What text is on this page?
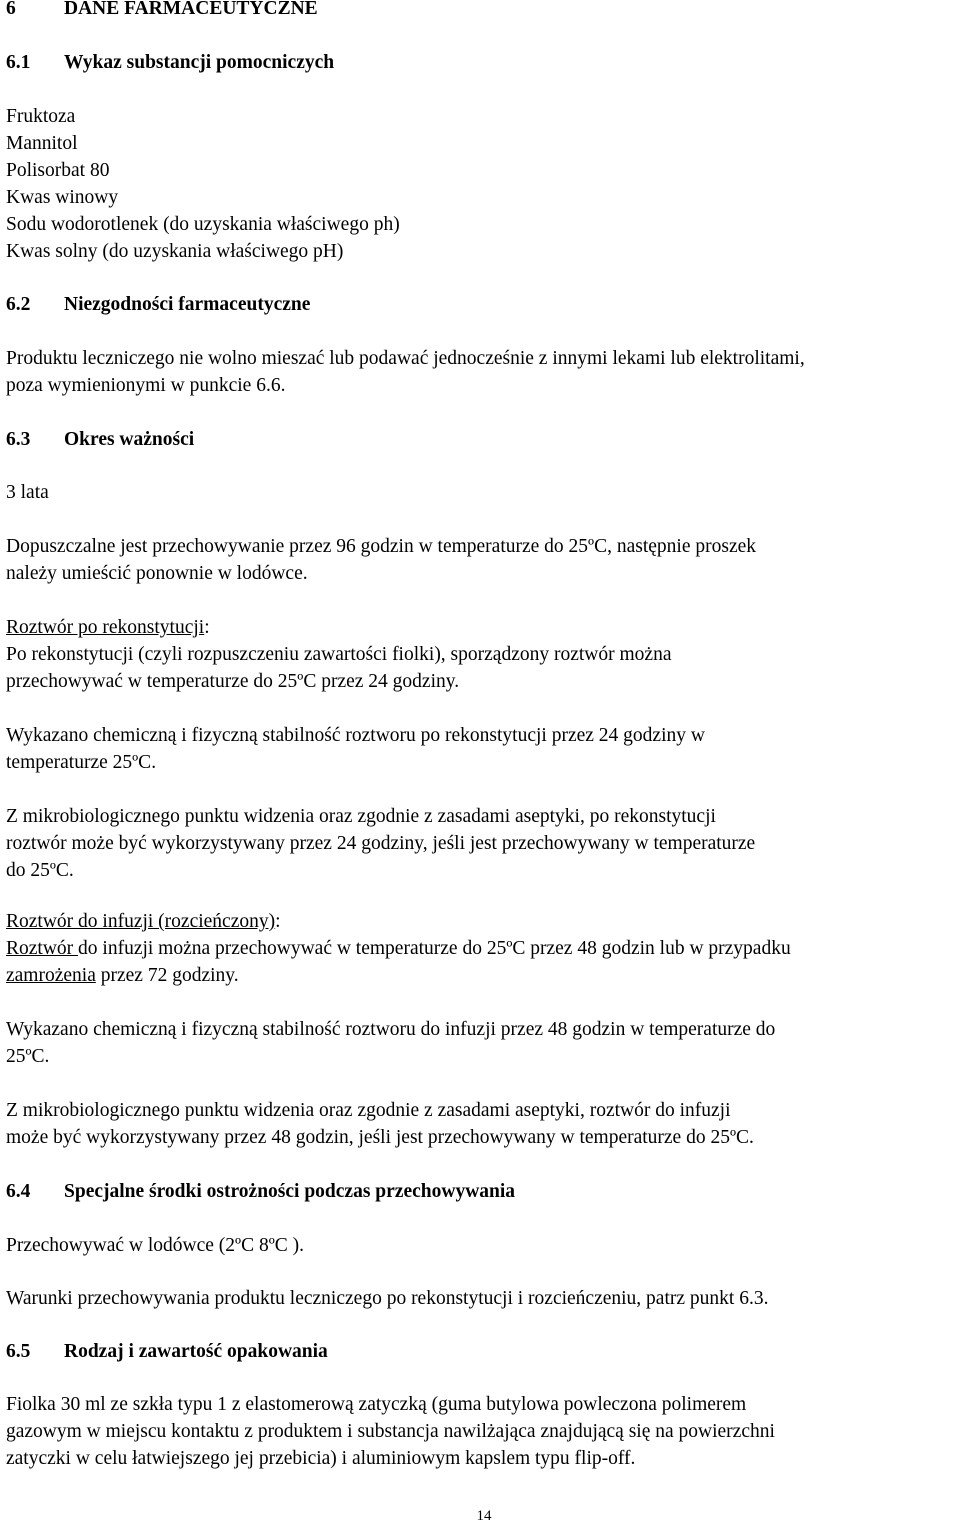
6 DANE FARMACEUTYCZNE
6.1 Wykaz substancji pomocniczych
Fruktoza
Mannitol
Polisorbat 80
Kwas winowy
Sodu wodorotlenek (do uzyskania właściwego ph)
Kwas solny (do uzyskania właściwego pH)
6.2 Niezgodności farmaceutyczne
Produktu leczniczego nie wolno mieszać lub podawać jednocześnie z innymi lekami lub elektrolitami,
poza wymienionymi w punkcie 6.6.
6.3 Okres ważności
3 lata
Dopuszczalne jest przechowywanie przez 96 godzin w temperaturze do 25ºC, następnie proszek
należy umieścić ponownie w lodówce.
Roztwór po rekonstytucji:
Po rekonstytucji (czyli rozpuszczeniu zawartości fiolki), sporządzony roztwór można
przechowywać w temperaturze do 25ºC przez 24 godziny.
Wykazano chemiczną i fizyczną stabilność roztworu po rekonstytucji przez 24 godziny w
temperaturze 25ºC.
Z mikrobiologicznego punktu widzenia oraz zgodnie z zasadami aseptyki, po rekonstytucji
roztwór może być wykorzystywany przez 24 godziny, jeśli jest przechowywany w temperaturze
do 25ºC.
Roztwór do infuzji (rozcieńczony):
Roztwór do infuzji można przechowywać w temperaturze do 25ºC przez 48 godzin lub w przypadku
zamrożenia przez 72 godziny.
Wykazano chemiczną i fizyczną stabilność roztworu do infuzji przez 48 godzin w temperaturze do
25ºC.
Z mikrobiologicznego punktu widzenia oraz zgodnie z zasadami aseptyki, roztwór do infuzji
może być wykorzystywany przez 48 godzin, jeśli jest przechowywany w temperaturze do 25ºC.
6.4 Specjalne środki ostrożności podczas przechowywania
Przechowywać w lodówce (2ºC 8ºC ).
Warunki przechowywania produktu leczniczego po rekonstytucji i rozcieńczeniu, patrz punkt 6.3.
6.5 Rodzaj i zawartość opakowania
Fiolka 30 ml ze szkła typu 1 z elastomerową zatyczką (guma butylowa powleczona polimerem
gazowym w miejscu kontaktu z produktem i substancja nawilżająca znajdującą się na powierzchni
zatyczki w celu łatwiejszego jej przebicia) i aluminiowym kapslem typu flip-off.
14
